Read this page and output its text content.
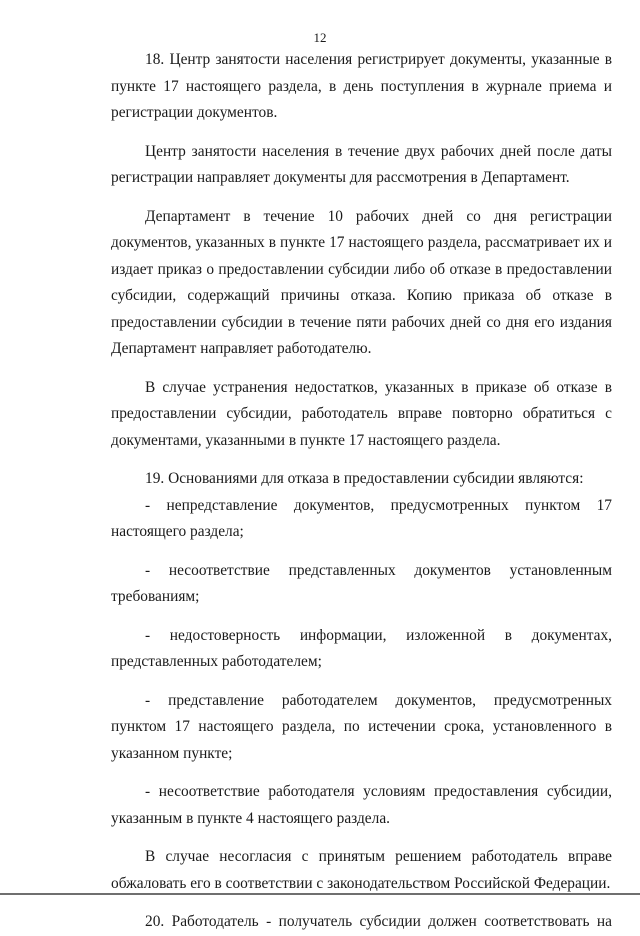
12

18. Центр занятости населения регистрирует документы, указанные в пункте 17 настоящего раздела, в день поступления в журнале приема и регистрации документов.

Центр занятости населения в течение двух рабочих дней после даты регистрации направляет документы для рассмотрения в Департамент.

Департамент в течение 10 рабочих дней со дня регистрации документов, указанных в пункте 17 настоящего раздела, рассматривает их и издает приказ о предоставлении субсидии либо об отказе в предоставлении субсидии, содержащий причины отказа. Копию приказа об отказе в предоставлении субсидии в течение пяти рабочих дней со дня его издания Департамент направляет работодателю.

В случае устранения недостатков, указанных в приказе об отказе в предоставлении субсидии, работодатель вправе повторно обратиться с документами, указанными в пункте 17 настоящего раздела.

19. Основаниями для отказа в предоставлении субсидии являются:

- непредставление документов, предусмотренных пунктом 17 настоящего раздела;

- несоответствие представленных документов установленным требованиям;

- недостоверность информации, изложенной в документах, представленных работодателем;

- представление работодателем документов, предусмотренных пунктом 17 настоящего раздела, по истечении срока, установленного в указанном пункте;

- несоответствие работодателя условиям предоставления субсидии, указанным в пункте 4 настоящего раздела.

В случае несогласия с принятым решением работодатель вправе обжаловать его в соответствии с законодательством Российской Федерации.

20. Работодатель - получатель субсидии должен соответствовать на
